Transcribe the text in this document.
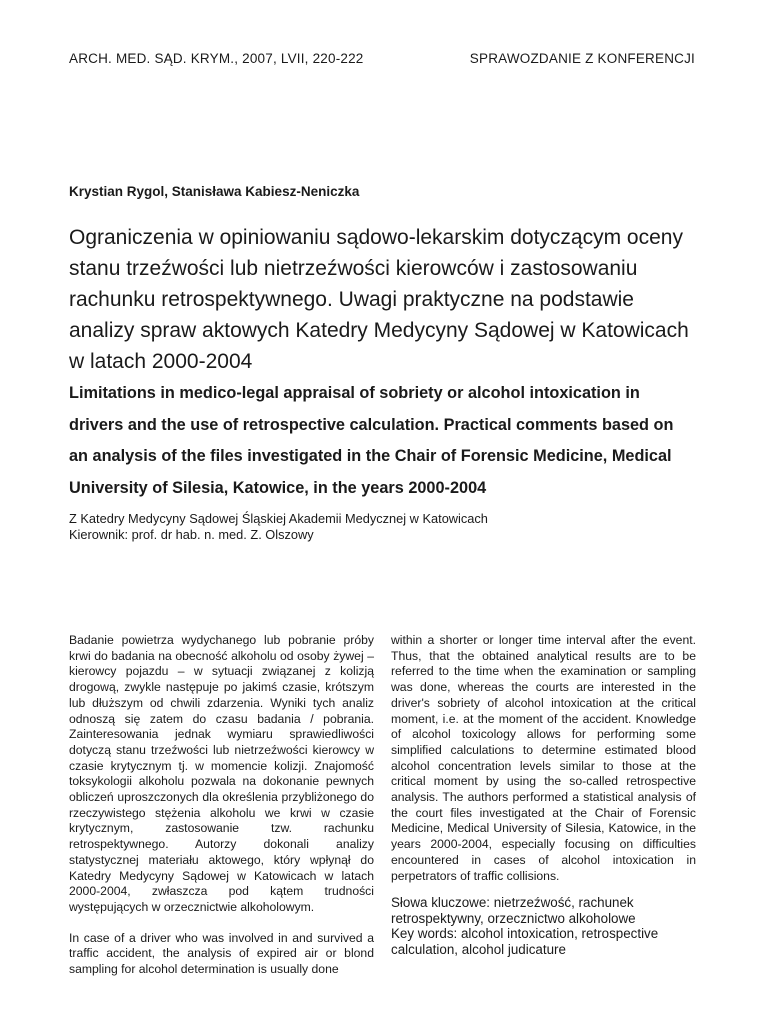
ARCH. MED. SĄD. KRYM., 2007, LVII, 220-222	SPRAWOZDANIE Z KONFERENCJI
Krystian Rygol, Stanisława Kabiesz-Neniczka
Ograniczenia w opiniowaniu sądowo-lekarskim dotyczącym oceny
stanu trzeźwości lub nietrzeźwości kierowców i zastosowaniu
rachunku retrospektywnego. Uwagi praktyczne na podstawie
analizy spraw aktowych Katedry Medycyny Sądowej w Katowicach
w latach 2000-2004
Limitations in medico-legal appraisal of sobriety or alcohol intoxication in
drivers and the use of retrospective calculation. Practical comments based on
an analysis of the files investigated in the Chair of Forensic Medicine, Medical
University of Silesia, Katowice, in the years 2000-2004
Z Katedry Medycyny Sądowej Śląskiej Akademii Medycznej w Katowicach
Kierownik: prof. dr hab. n. med. Z. Olszowy

Badanie powietrza wydychanego lub pobranie próby krwi do badania na obecność alkoholu od osoby żywej – kierowcy pojazdu – w sytuacji związanej z kolizją drogową, zwykle następuje po jakimś czasie, krótszym lub dłuższym od chwili zdarzenia. Wyniki tych analiz odnoszą się zatem do czasu badania / pobrania. Zainteresowania jednak wymiaru sprawiedliwości dotyczą stanu trzeźwości lub nietrzeźwości kierowcy w czasie krytycznym tj. w momencie kolizji. Znajomość toksykologii alkoholu pozwala na dokonanie pewnych obliczeń uproszczonych dla określenia przybliżonego do rzeczywistego stężenia alkoholu we krwi w czasie krytycznym, zastosowanie tzw. rachunku retrospektywnego. Autorzy dokonali analizy statystycznej materiału aktowego, który wpłynął do Katedry Medycyny Sądowej w Katowicach w latach 2000-2004, zwłaszcza pod kątem trudności występujących w orzecznictwie alkoholowym.

In case of a driver who was involved in and survived a traffic accident, the analysis of expired air or blond sampling for alcohol determination is usually done

within a shorter or longer time interval after the event. Thus, that the obtained analytical results are to be referred to the time when the examination or sampling was done, whereas the courts are interested in the driver's sobriety of alcohol intoxication at the critical moment, i.e. at the moment of the accident. Knowledge of alcohol toxicology allows for performing some simplified calculations to determine estimated blood alcohol concentration levels similar to those at the critical moment by using the so-called retrospective analysis. The authors performed a statistical analysis of the court files investigated at the Chair of Forensic Medicine, Medical University of Silesia, Katowice, in the years 2000-2004, especially focusing on difficulties encountered in cases of alcohol intoxication in perpetrators of traffic collisions.

Słowa kluczowe: nietrzeźwość, rachunek retrospektywny, orzecznictwo alkoholowe
Key words: alcohol intoxication, retrospective calculation, alcohol judicature
